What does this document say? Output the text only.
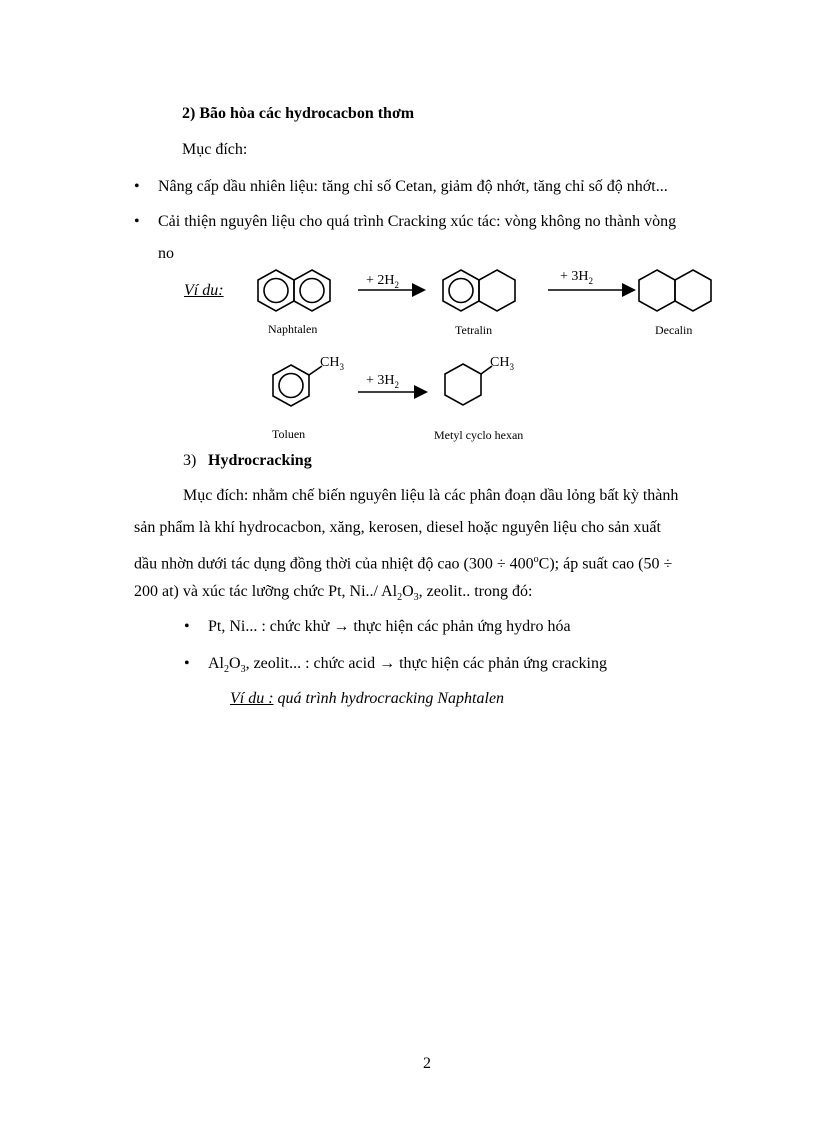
2) Bão hòa các hydrocacbon thơm
Mục đích:
• Nâng cấp dầu nhiên liệu: tăng chỉ số Cetan, giảm độ nhớt, tăng chỉ số độ nhớt...
• Cải thiện nguyên liệu cho quá trình Cracking xúc tác: vòng không no thành vòng
no
Ví du:
+ $2H_2$
+ $3H_2$
+ $3H_2$
$CH_3$	$CH_3$
Naphtalen	Tetralin	Decalin
Toluen	Metyl cyclo hexan
3) Hydrocracking
Mục đích: nhằm chế biến nguyên liệu là các phân đoạn dầu lỏng bất kỳ thành
sản phẩm là khí hydrocacbon, xăng, kerosen, diesel hoặc nguyên liệu cho sản xuất
dầu nhờn dưới tác dụng đồng thời của nhiệt độ cao $(300 \div 400^oC)$; áp suất cao (50 ÷
200 at) và xúc tác lưỡng chức Pt, Ni../ $Al_2O_3$, zeolit.. trong đó:
• Pt, Ni... : chức khử → thực hiện các phản ứng hydro hóa
• $Al_2O_3$, zeolit... : chức acid → thực hiện các phản ứng cracking
Ví du : quá trình hydrocracking Naphtalen
2
